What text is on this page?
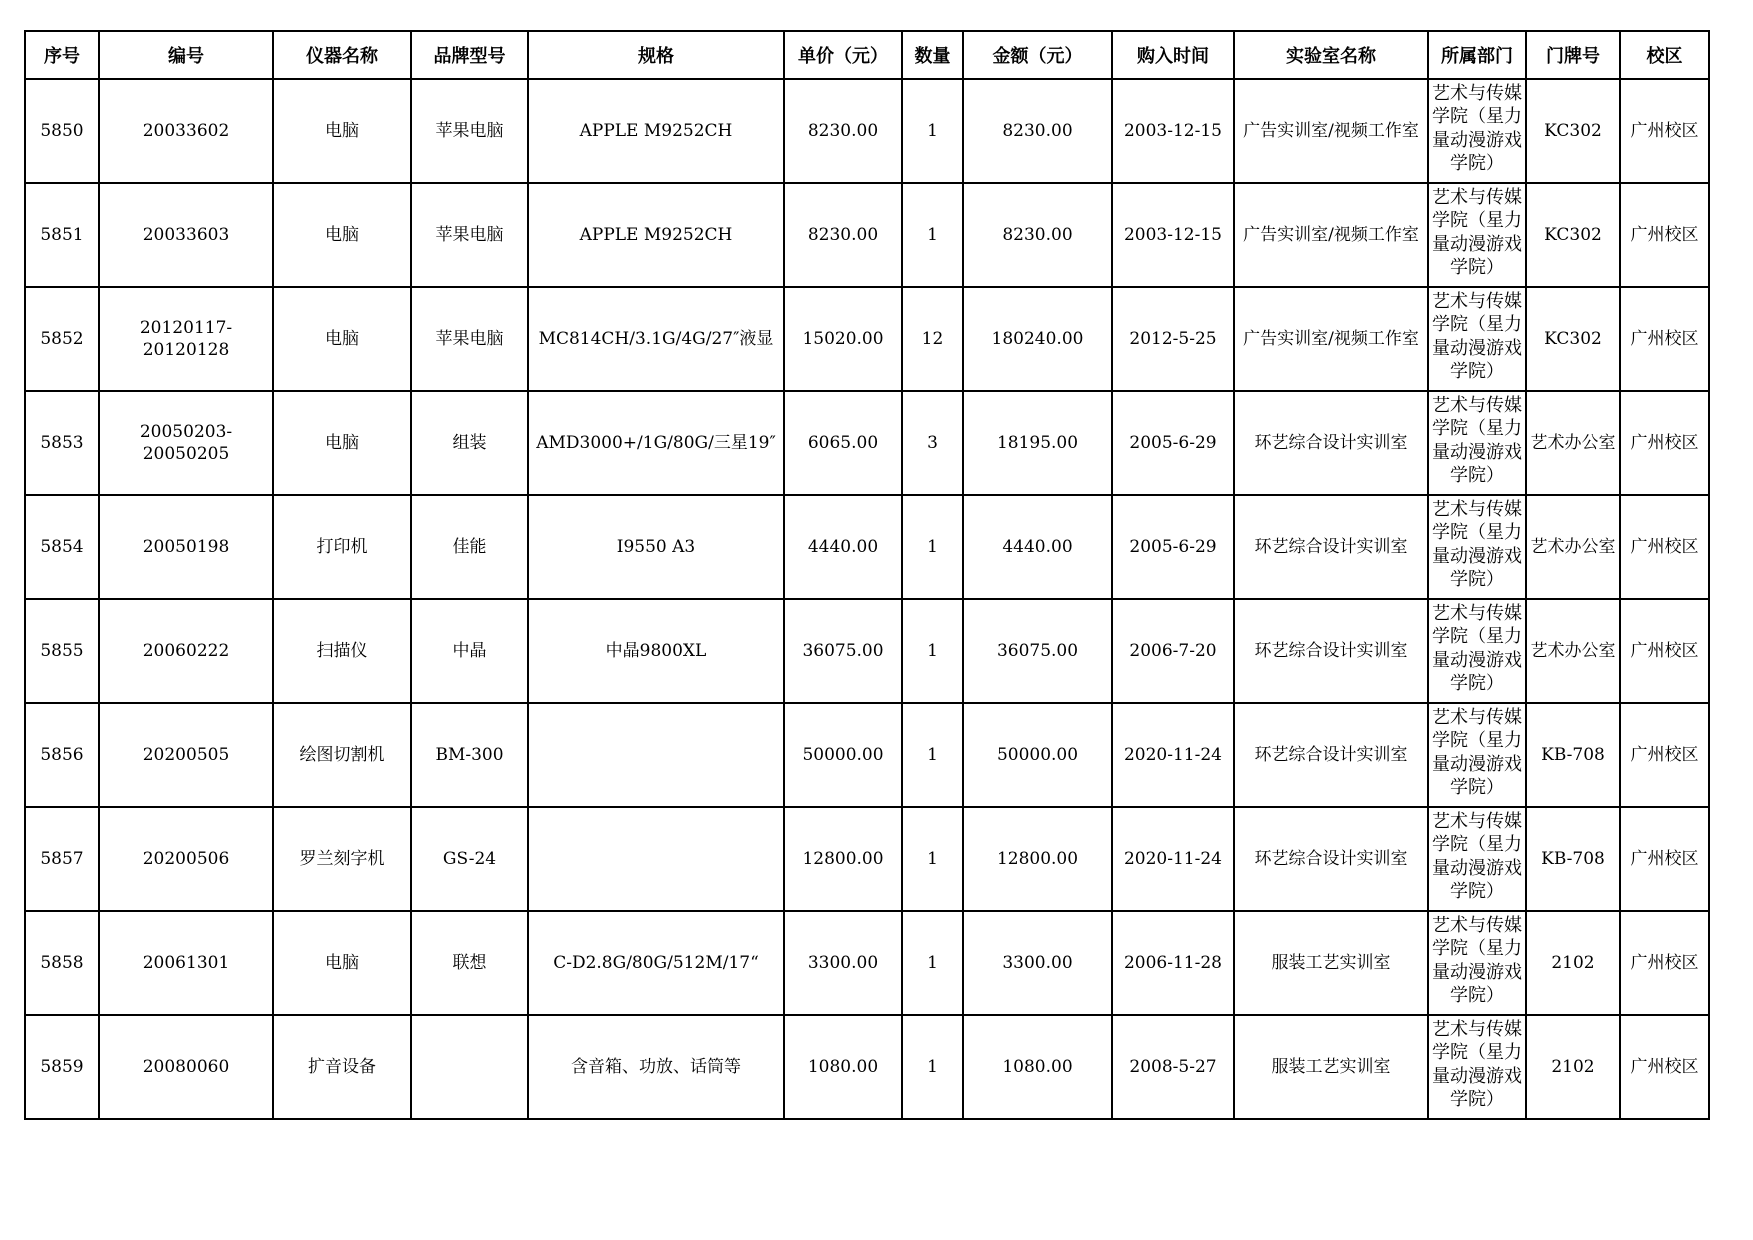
序号	编号	仪器名称	品牌型号	规格	单价（元）	数量	金额（元）	购入时间	实验室名称	所属部门	门牌号	校区
5850	20033602	电脑	苹果电脑	APPLE M9252CH	8230.00	1	8230.00	2003-12-15	广告实训室/视频工作室	艺术与传媒学院（星力量动漫游戏学院）	KC302	广州校区
5851	20033603	电脑	苹果电脑	APPLE M9252CH	8230.00	1	8230.00	2003-12-15	广告实训室/视频工作室	艺术与传媒学院（星力量动漫游戏学院）	KC302	广州校区
5852	20120117-20120128	电脑	苹果电脑	MC814CH/3.1G/4G/27″液显	15020.00	12	180240.00	2012-5-25	广告实训室/视频工作室	艺术与传媒学院（星力量动漫游戏学院）	KC302	广州校区
5853	20050203-20050205	电脑	组装	AMD3000+/1G/80G/三星19″	6065.00	3	18195.00	2005-6-29	环艺综合设计实训室	艺术与传媒学院（星力量动漫游戏学院）	艺术办公室	广州校区
5854	20050198	打印机	佳能	I9550 A3	4440.00	1	4440.00	2005-6-29	环艺综合设计实训室	艺术与传媒学院（星力量动漫游戏学院）	艺术办公室	广州校区
5855	20060222	扫描仪	中晶	中晶9800XL	36075.00	1	36075.00	2006-7-20	环艺综合设计实训室	艺术与传媒学院（星力量动漫游戏学院）	艺术办公室	广州校区
5856	20200505	绘图切割机	BM-300		50000.00	1	50000.00	2020-11-24	环艺综合设计实训室	艺术与传媒学院（星力量动漫游戏学院）	KB-708	广州校区
5857	20200506	罗兰刻字机	GS-24		12800.00	1	12800.00	2020-11-24	环艺综合设计实训室	艺术与传媒学院（星力量动漫游戏学院）	KB-708	广州校区
5858	20061301	电脑	联想	C-D2.8G/80G/512M/17“	3300.00	1	3300.00	2006-11-28	服装工艺实训室	艺术与传媒学院（星力量动漫游戏学院）	2102	广州校区
5859	20080060	扩音设备		含音箱、功放、话筒等	1080.00	1	1080.00	2008-5-27	服装工艺实训室	艺术与传媒学院（星力量动漫游戏学院）	2102	广州校区
